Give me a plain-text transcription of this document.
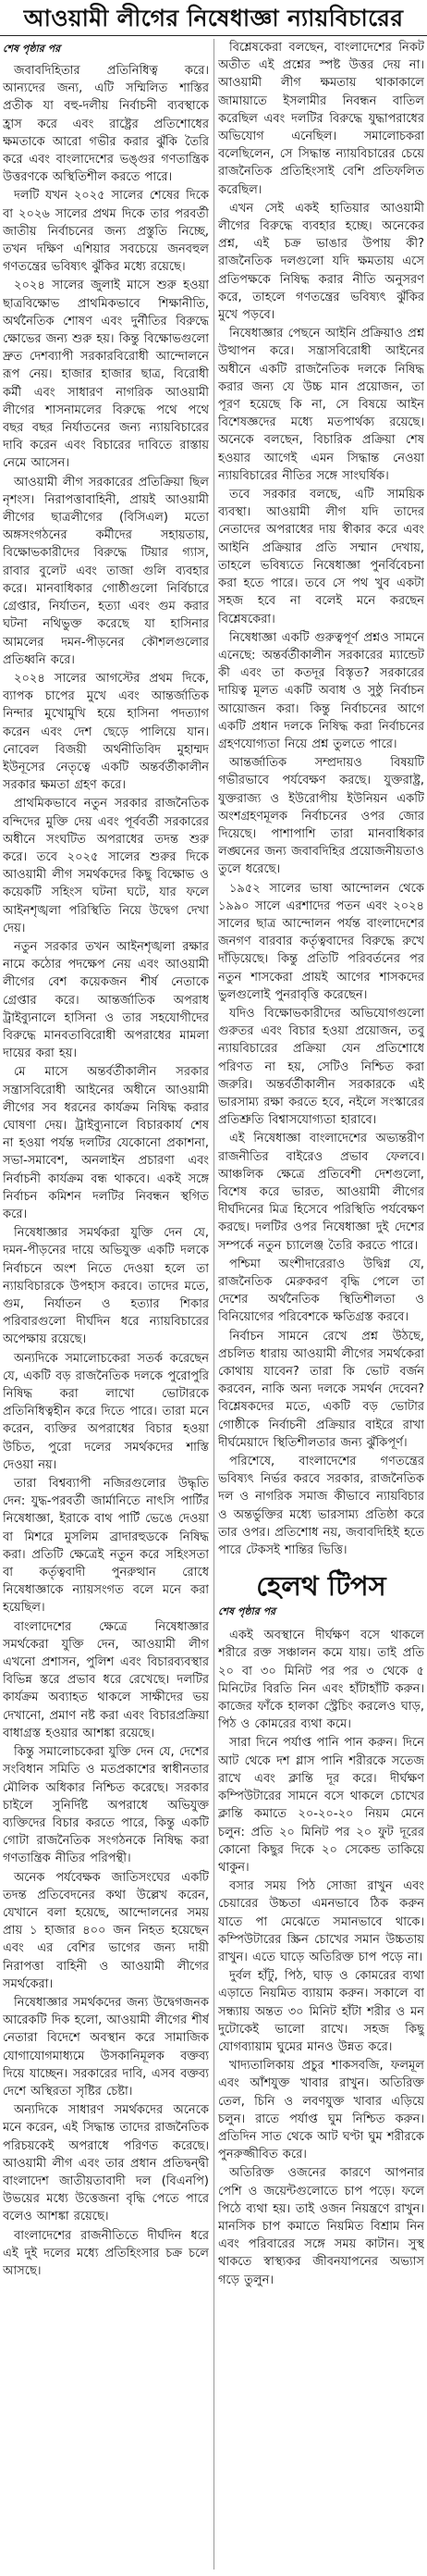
আওয়ামী লীগের নিষেধাজ্ঞা ন্যায়বিচারের
শেষ পৃষ্ঠার পর

জবাবদিহিতার প্রতিনিধিত্ব করে। আন্যদের জন্য, এটি সম্মিলিত শাস্তির প্রতীক যা বহু-দলীয় নির্বাচনী ব্যবস্থাকে হ্রাস করে এবং রাষ্ট্রের প্রতিশোধের ক্ষমতাকে আরো গভীর করার ঝুঁকি তৈরি করে এবং বাংলাদেশের ভঙ্গুর গণতান্ত্রিক উত্তরণকে অস্থিতিশীল করতে পারে।

দলটি যখন ২০২৫ সালের শেষের দিকে বা ২০২৬ সালের প্রথম দিকে তার পরবর্তী জাতীয় নির্বাচনের জন্য প্রস্তুতি নিচ্ছে, তখন দক্ষিণ এশিয়ার সবচেয়ে জনবহুল গণতন্ত্রের ভবিষ্যৎ ঝুঁকির মধ্যে রয়েছে।

২০২৪ সালের জুলাই মাসে শুরু হওয়া ছাত্রবিক্ষোভ প্রাথমিকভাবে শিক্ষানীতি, অর্থনৈতিক শোষণ এবং দুর্নীতির বিরুদ্ধে ক্ষোভের জন্য শুরু হয়। কিন্তু বিক্ষোভগুলো দ্রুত দেশব্যাপী সরকারবিরোধী আন্দোলনে রূপ নেয়। হাজার হাজার ছাত্র, বিরোধী কর্মী এবং সাধারণ নাগরিক আওয়ামী লীগের শাসনামলের বিরুদ্ধে পথে পথে বছর বছর নির্যাতনের জন্য ন্যায়বিচারের দাবি করেন এবং বিচারের দাবিতে রাস্তায় নেমে আসেন।

আওয়ামী লীগ সরকারের প্রতিক্রিয়া ছিল নৃশংস। নিরাপত্তাবাহিনী, প্রায়ই আওয়ামী লীগের ছাত্রলীগের (বিসিএল) মতো অঙ্গসংগঠনের কর্মীদের সহায়তায়, বিক্ষোভকারীদের বিরুদ্ধে টিয়ার গ্যাস, রাবার বুলেট এবং তাজা গুলি ব্যবহার করে। মানবাধিকার গোষ্ঠীগুলো নির্বিচারে গ্রেপ্তার, নির্যাতন, হত্যা এবং গুম করার ঘটনা নথিভুক্ত করেছে যা হাসিনার আমলের দমন-পীড়নের কৌশলগুলোর প্রতিধ্বনি করে।

২০২৪ সালের আগস্টের প্রথম দিকে, ব্যাপক চাপের মুখে এবং আন্তর্জাতিক নিন্দার মুখোমুখি হয়ে হাসিনা পদত্যাগ করেন এবং দেশ ছেড়ে পালিয়ে যান। নোবেল বিজয়ী অর্থনীতিবিদ মুহাম্মদ ইউনূসের নেতৃত্বে একটি অন্তর্বর্তীকালীন সরকার ক্ষমতা গ্রহণ করে।

প্রাথমিকভাবে নতুন সরকার রাজনৈতিক বন্দিদের মুক্তি দেয় এবং পূর্ববর্তী সরকারের অধীনে সংঘটিত অপরাধের তদন্ত শুরু করে। তবে ২০২৫ সালের শুরুর দিকে আওয়ামী লীগ সমর্থকদের কিছু বিক্ষোভ ও কয়েকটি সহিংস ঘটনা ঘটে, যার ফলে আইনশৃঙ্খলা পরিস্থিতি নিয়ে উদ্বেগ দেখা দেয়।

নতুন সরকার তখন আইনশৃঙ্খলা রক্ষার নামে কঠোর পদক্ষেপ নেয় এবং আওয়ামী লীগের বেশ কয়েকজন শীর্ষ নেতাকে গ্রেপ্তার করে। আন্তর্জাতিক অপরাধ ট্রাইব্যুনালে হাসিনা ও তার সহযোগীদের বিরুদ্ধে মানবতাবিরোধী অপরাধের মামলা দায়ের করা হয়।

মে মাসে অন্তর্বর্তীকালীন সরকার সন্ত্রাসবিরোধী আইনের অধীনে আওয়ামী লীগের সব ধরনের কার্যক্রম নিষিদ্ধ করার ঘোষণা দেয়। ট্রাইব্যুনালে বিচারকার্য শেষ না হওয়া পর্যন্ত দলটির যেকোনো প্রকাশনা, সভা-সমাবেশ, অনলাইন প্রচারণা এবং নির্বাচনী কার্যক্রম বন্ধ থাকবে। একই সঙ্গে নির্বাচন কমিশন দলটির নিবন্ধন স্থগিত করে।

নিষেধাজ্ঞার সমর্থকরা যুক্তি দেন যে, দমন-পীড়নের দায়ে অভিযুক্ত একটি দলকে নির্বাচনে অংশ নিতে দেওয়া হলে তা ন্যায়বিচারকে উপহাস করবে। তাদের মতে, গুম, নির্যাতন ও হত্যার শিকার পরিবারগুলো দীর্ঘদিন ধরে ন্যায়বিচারের অপেক্ষায় রয়েছে।

অন্যদিকে সমালোচকেরা সতর্ক করেছেন যে, একটি বড় রাজনৈতিক দলকে পুরোপুরি নিষিদ্ধ করা লাখো ভোটারকে প্রতিনিধিত্বহীন করে দিতে পারে। তারা মনে করেন, ব্যক্তির অপরাধের বিচার হওয়া উচিত, পুরো দলের সমর্থকদের শাস্তি দেওয়া নয়।

তারা বিশ্বব্যাপী নজিরগুলোর উদ্ধৃতি দেন: যুদ্ধ-পরবর্তী জার্মানিতে নাৎসি পার্টির নিষেধাজ্ঞা, ইরাকে বাথ পার্টি ভেঙে দেওয়া বা মিশরে মুসলিম ব্রাদারহুডকে নিষিদ্ধ করা। প্রতিটি ক্ষেত্রেই নতুন করে সহিংসতা বা কর্তৃত্ববাদী পুনরুত্থান রোধে নিষেধাজ্ঞাকে ন্যায়সংগত বলে মনে করা হয়েছিল।

বাংলাদেশের ক্ষেত্রে নিষেধাজ্ঞার সমর্থকেরা যুক্তি দেন, আওয়ামী লীগ এখনো প্রশাসন, পুলিশ এবং বিচারব্যবস্থার বিভিন্ন স্তরে প্রভাব ধরে রেখেছে। দলটির কার্যক্রম অব্যাহত থাকলে সাক্ষীদের ভয় দেখানো, প্রমাণ নষ্ট করা এবং বিচারপ্রক্রিয়া বাধাগ্রস্ত হওয়ার আশঙ্কা রয়েছে।

কিন্তু সমালোচকেরা যুক্তি দেন যে, দেশের সংবিধান সমিতি ও মতপ্রকাশের স্বাধীনতার মৌলিক অধিকার নিশ্চিত করেছে। সরকার চাইলে সুনির্দিষ্ট অপরাধে অভিযুক্ত ব্যক্তিদের বিচার করতে পারে, কিন্তু একটি গোটা রাজনৈতিক সংগঠনকে নিষিদ্ধ করা গণতান্ত্রিক নীতির পরিপন্থী।

অনেক পর্যবেক্ষক জাতিসংঘের একটি তদন্ত প্রতিবেদনের কথা উল্লেখ করেন, যেখানে বলা হয়েছে, আন্দোলনের সময় প্রায় ১ হাজার ৪০০ জন নিহত হয়েছেন এবং এর বেশির ভাগের জন্য দায়ী নিরাপত্তা বাহিনী ও আওয়ামী লীগের সমর্থকেরা।

নিষেধাজ্ঞার সমর্থকদের জন্য উদ্বেগজনক আরেকটি দিক হলো, আওয়ামী লীগের শীর্ষ নেতারা বিদেশে অবস্থান করে সামাজিক যোগাযোগমাধ্যমে উসকানিমূলক বক্তব্য দিয়ে যাচ্ছেন। সরকারের দাবি, এসব বক্তব্য দেশে অস্থিরতা সৃষ্টির চেষ্টা।

অন্যদিকে সাধারণ সমর্থকদের অনেকে মনে করেন, এই সিদ্ধান্ত তাদের রাজনৈতিক পরিচয়কেই অপরাধে পরিণত করেছে। আওয়ামী লীগ এবং তার প্রধান প্রতিদ্বন্দ্বী বাংলাদেশ জাতীয়তাবাদী দল (বিএনপি) উভয়ের মধ্যে উত্তেজনা বৃদ্ধি পেতে পারে বলেও আশঙ্কা রয়েছে।

বাংলাদেশের রাজনীতিতে দীর্ঘদিন ধরে এই দুই দলের মধ্যে প্রতিহিংসার চক্র চলে আসছে।

বিশ্লেষকেরা বলছেন, বাংলাদেশের নিকট অতীত এই প্রশ্নের স্পষ্ট উত্তর দেয় না। আওয়ামী লীগ ক্ষমতায় থাকাকালে জামায়াতে ইসলামীর নিবন্ধন বাতিল করেছিল এবং দলটির বিরুদ্ধে যুদ্ধাপরাধের অভিযোগ এনেছিল। সমালোচকরা বলেছিলেন, সে সিদ্ধান্ত ন্যায়বিচারের চেয়ে রাজনৈতিক প্রতিহিংসাই বেশি প্রতিফলিত করেছিল।

এখন সেই একই হাতিয়ার আওয়ামী লীগের বিরুদ্ধে ব্যবহার হচ্ছে। অনেকের প্রশ্ন, এই চক্র ভাঙার উপায় কী? রাজনৈতিক দলগুলো যদি ক্ষমতায় এসে প্রতিপক্ষকে নিষিদ্ধ করার নীতি অনুসরণ করে, তাহলে গণতন্ত্রের ভবিষ্যৎ ঝুঁকির মুখে পড়বে।

নিষেধাজ্ঞার পেছনে আইনি প্রক্রিয়াও প্রশ্ন উত্থাপন করে। সন্ত্রাসবিরোধী আইনের অধীনে একটি রাজনৈতিক দলকে নিষিদ্ধ করার জন্য যে উচ্চ মান প্রয়োজন, তা পূরণ হয়েছে কি না, সে বিষয়ে আইন বিশেষজ্ঞদের মধ্যে মতপার্থক্য রয়েছে। অনেকে বলছেন, বিচারিক প্রক্রিয়া শেষ হওয়ার আগেই এমন সিদ্ধান্ত নেওয়া ন্যায়বিচারের নীতির সঙ্গে সাংঘর্ষিক।

তবে সরকার বলছে, এটি সাময়িক ব্যবস্থা। আওয়ামী লীগ যদি তাদের নেতাদের অপরাধের দায় স্বীকার করে এবং আইনি প্রক্রিয়ার প্রতি সম্মান দেখায়, তাহলে ভবিষ্যতে নিষেধাজ্ঞা পুনর্বিবেচনা করা হতে পারে। তবে সে পথ খুব একটা সহজ হবে না বলেই মনে করছেন বিশ্লেষকেরা।

নিষেধাজ্ঞা একটি গুরুত্বপূর্ণ প্রশ্নও সামনে এনেছে: অন্তর্বর্তীকালীন সরকারের ম্যান্ডেট কী এবং তা কতদূর বিস্তৃত? সরকারের দায়িত্ব মূলত একটি অবাধ ও সুষ্ঠু নির্বাচন আয়োজন করা। কিন্তু নির্বাচনের আগে একটি প্রধান দলকে নিষিদ্ধ করা নির্বাচনের গ্রহণযোগ্যতা নিয়ে প্রশ্ন তুলতে পারে।

আন্তর্জাতিক সম্প্রদায়ও বিষয়টি গভীরভাবে পর্যবেক্ষণ করছে। যুক্তরাষ্ট্র, যুক্তরাজ্য ও ইউরোপীয় ইউনিয়ন একটি অংশগ্রহণমূলক নির্বাচনের ওপর জোর দিয়েছে। পাশাপাশি তারা মানবাধিকার লঙ্ঘনের জন্য জবাবদিহির প্রয়োজনীয়তাও তুলে ধরেছে।

১৯৫২ সালের ভাষা আন্দোলন থেকে ১৯৯০ সালে এরশাদের পতন এবং ২০২৪ সালের ছাত্র আন্দোলন পর্যন্ত বাংলাদেশের জনগণ বারবার কর্তৃত্ববাদের বিরুদ্ধে রুখে দাঁড়িয়েছে। কিন্তু প্রতিটি পরিবর্তনের পর নতুন শাসকেরা প্রায়ই আগের শাসকদের ভুলগুলোই পুনরাবৃত্তি করেছেন।

যদিও বিক্ষোভকারীদের অভিযোগগুলো গুরুতর এবং বিচার হওয়া প্রয়োজন, তবু ন্যায়বিচারের প্রক্রিয়া যেন প্রতিশোধে পরিণত না হয়, সেটিও নিশ্চিত করা জরুরি। অন্তর্বর্তীকালীন সরকারকে এই ভারসাম্য রক্ষা করতে হবে, নইলে সংস্কারের প্রতিশ্রুতি বিশ্বাসযোগ্যতা হারাবে।

এই নিষেধাজ্ঞা বাংলাদেশের অভ্যন্তরীণ রাজনীতির বাইরেও প্রভাব ফেলবে। আঞ্চলিক ক্ষেত্রে প্রতিবেশী দেশগুলো, বিশেষ করে ভারত, আওয়ামী লীগের দীর্ঘদিনের মিত্র হিসেবে পরিস্থিতি পর্যবেক্ষণ করছে। দলটির ওপর নিষেধাজ্ঞা দুই দেশের সম্পর্কে নতুন চ্যালেঞ্জ তৈরি করতে পারে।

পশ্চিমা অংশীদারেরাও উদ্বিগ্ন যে, রাজনৈতিক মেরুকরণ বৃদ্ধি পেলে তা দেশের অর্থনৈতিক স্থিতিশীলতা ও বিনিয়োগের পরিবেশকে ক্ষতিগ্রস্ত করবে।

নির্বাচন সামনে রেখে প্রশ্ন উঠছে, প্রচলিত ধারায় আওয়ামী লীগের সমর্থকেরা কোথায় যাবেন? তারা কি ভোট বর্জন করবেন, নাকি অন্য দলকে সমর্থন দেবেন? বিশ্লেষকদের মতে, একটি বড় ভোটার গোষ্ঠীকে নির্বাচনী প্রক্রিয়ার বাইরে রাখা দীর্ঘমেয়াদে স্থিতিশীলতার জন্য ঝুঁকিপূর্ণ।

পরিশেষে, বাংলাদেশের গণতন্ত্রের ভবিষ্যৎ নির্ভর করবে সরকার, রাজনৈতিক দল ও নাগরিক সমাজ কীভাবে ন্যায়বিচার ও অন্তর্ভুক্তির মধ্যে ভারসাম্য প্রতিষ্ঠা করে তার ওপর। প্রতিশোধ নয়, জবাবদিহিই হতে পারে টেকসই শান্তির ভিত্তি।

হেলথ টিপস
শেষ পৃষ্ঠার পর

একই অবস্থানে দীর্ঘক্ষণ বসে থাকলে শরীরে রক্ত সঞ্চালন কমে যায়। তাই প্রতি ২০ বা ৩০ মিনিট পর পর ৩ থেকে ৫ মিনিটের বিরতি নিন এবং হাঁটাহাঁটি করুন। কাজের ফাঁকে হালকা স্ট্রেচিং করলেও ঘাড়, পিঠ ও কোমরের ব্যথা কমে।

সারা দিনে পর্যাপ্ত পানি পান করুন। দিনে আট থেকে দশ গ্লাস পানি শরীরকে সতেজ রাখে এবং ক্লান্তি দূর করে। দীর্ঘক্ষণ কম্পিউটারের সামনে বসে থাকলে চোখের ক্লান্তি কমাতে ২০-২০-২০ নিয়ম মেনে চলুন: প্রতি ২০ মিনিট পর ২০ ফুট দূরের কোনো কিছুর দিকে ২০ সেকেন্ড তাকিয়ে থাকুন।

বসার সময় পিঠ সোজা রাখুন এবং চেয়ারের উচ্চতা এমনভাবে ঠিক করুন যাতে পা মেঝেতে সমানভাবে থাকে। কম্পিউটারের স্ক্রিন চোখের সমান উচ্চতায় রাখুন। এতে ঘাড়ে অতিরিক্ত চাপ পড়ে না।

দুর্বল হাঁটু, পিঠ, ঘাড় ও কোমরের ব্যথা এড়াতে নিয়মিত ব্যায়াম করুন। সকালে বা সন্ধ্যায় অন্তত ৩০ মিনিট হাঁটা শরীর ও মন দুটোকেই ভালো রাখে। সহজ কিছু যোগব্যায়াম ঘুমের মানও উন্নত করে।

খাদ্যতালিকায় প্রচুর শাকসবজি, ফলমূল এবং আঁশযুক্ত খাবার রাখুন। অতিরিক্ত তেল, চিনি ও লবণযুক্ত খাবার এড়িয়ে চলুন। রাতে পর্যাপ্ত ঘুম নিশ্চিত করুন। প্রতিদিন সাত থেকে আট ঘণ্টা ঘুম শরীরকে পুনরুজ্জীবিত করে।

অতিরিক্ত ওজনের কারণে আপনার পেশি ও জয়েন্টগুলোতে চাপ পড়ে। ফলে পিঠে ব্যথা হয়। তাই ওজন নিয়ন্ত্রণে রাখুন। মানসিক চাপ কমাতে নিয়মিত বিশ্রাম নিন এবং পরিবারের সঙ্গে সময় কাটান। সুস্থ থাকতে স্বাস্থ্যকর জীবনযাপনের অভ্যাস গড়ে তুলুন।
